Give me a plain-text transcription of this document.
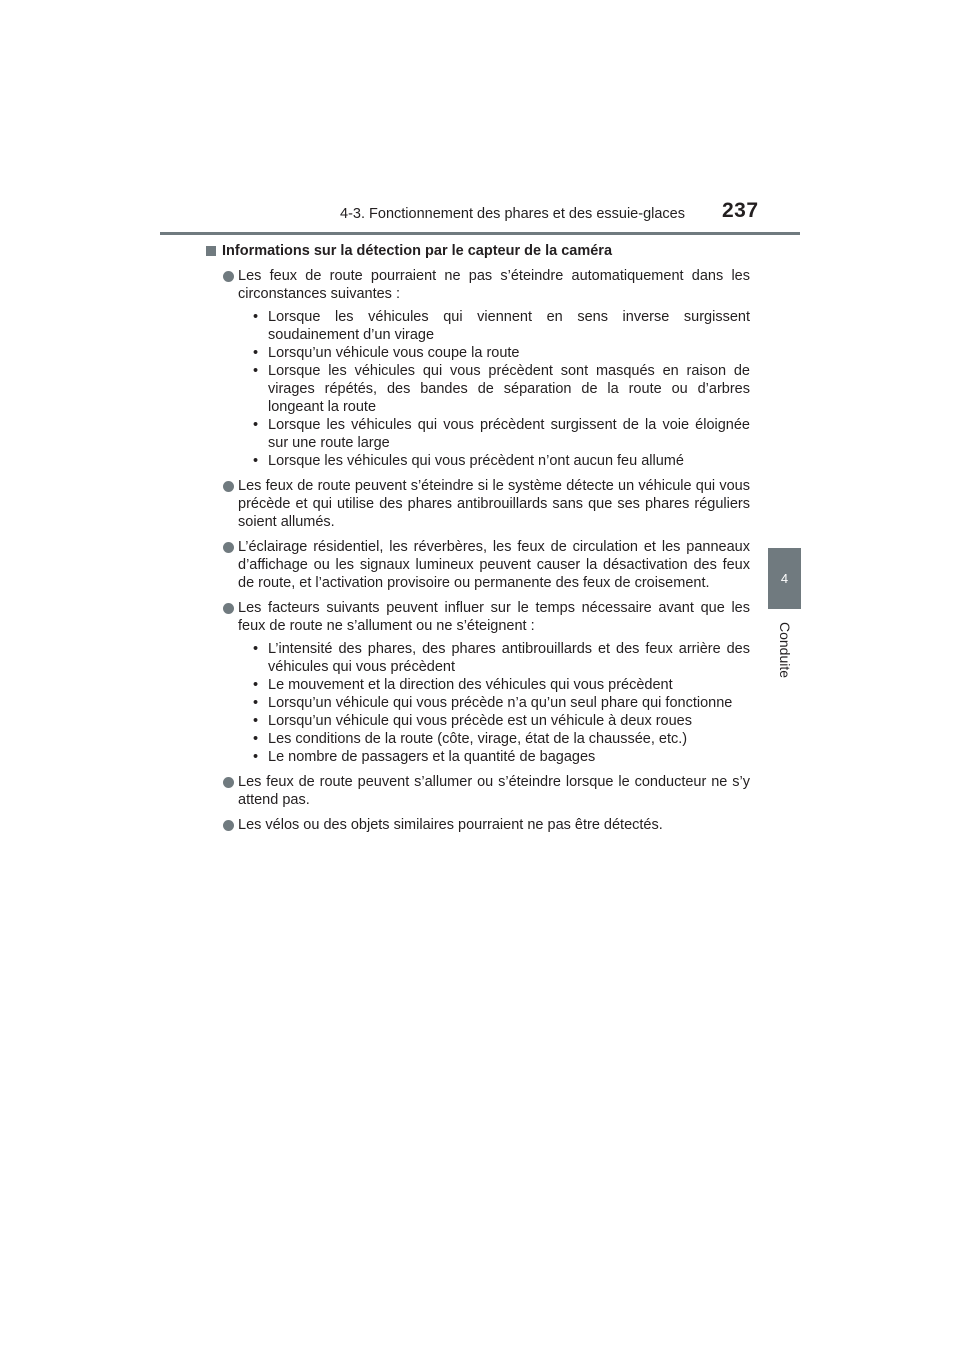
4-3. Fonctionnement des phares et des essuie-glaces 237
4
Conduite
Informations sur la détection par le capteur de la caméra
Les feux de route pourraient ne pas s’éteindre automatiquement dans les circonstances suivantes :
• Lorsque les véhicules qui viennent en sens inverse surgissent soudainement d’un virage
• Lorsqu’un véhicule vous coupe la route
• Lorsque les véhicules qui vous précèdent sont masqués en raison de virages répétés, des bandes de séparation de la route ou d’arbres longeant la route
• Lorsque les véhicules qui vous précèdent surgissent de la voie éloignée sur une route large
• Lorsque les véhicules qui vous précèdent n’ont aucun feu allumé
Les feux de route peuvent s’éteindre si le système détecte un véhicule qui vous précède et qui utilise des phares antibrouillards sans que ses phares réguliers soient allumés.
L’éclairage résidentiel, les réverbères, les feux de circulation et les panneaux d’affichage ou les signaux lumineux peuvent causer la désactivation des feux de route, et l’activation provisoire ou permanente des feux de croisement.
Les facteurs suivants peuvent influer sur le temps nécessaire avant que les feux de route ne s’allument ou ne s’éteignent :
• L’intensité des phares, des phares antibrouillards et des feux arrière des véhicules qui vous précèdent
• Le mouvement et la direction des véhicules qui vous précèdent
• Lorsqu’un véhicule qui vous précède n’a qu’un seul phare qui fonctionne
• Lorsqu’un véhicule qui vous précède est un véhicule à deux roues
• Les conditions de la route (côte, virage, état de la chaussée, etc.)
• Le nombre de passagers et la quantité de bagages
Les feux de route peuvent s’allumer ou s’éteindre lorsque le conducteur ne s’y attend pas.
Les vélos ou des objets similaires pourraient ne pas être détectés.
